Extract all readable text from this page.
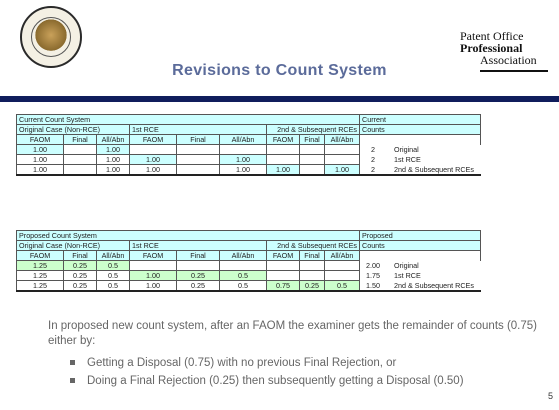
Patent Office
Professional
Association
Revisions to Count System
Current Count System									Current	
Original Case (Non-RCE)			1st RCE			2nd & Subsequent RCEs			Counts	
FAOM	Final	All/Abn	FAOM	Final	All/Abn	FAOM	Final	All/Abn		
1.00		1.00							2	Original
1.00		1.00	1.00		1.00				2	1st RCE
1.00		1.00	1.00		1.00	1.00		1.00	2	2nd & Subsequent RCEs
Proposed Count System									Proposed	
Original Case (Non-RCE)			1st RCE			2nd & Subsequent RCEs			Counts	
FAOM	Final	All/Abn	FAOM	Final	All/Abn	FAOM	Final	All/Abn		
1.25	0.25	0.5							2.00	Original
1.25	0.25	0.5	1.00	0.25	0.5				1.75	1st RCE
1.25	0.25	0.5	1.00	0.25	0.5	0.75	0.25	0.5	1.50	2nd & Subsequent RCEs
In proposed new count system, after an FAOM the examiner gets the remainder of counts (0.75) either by:
Getting a Disposal (0.75) with no previous Final Rejection, or
Doing a Final Rejection (0.25) then subsequently getting a Disposal (0.50)
5
